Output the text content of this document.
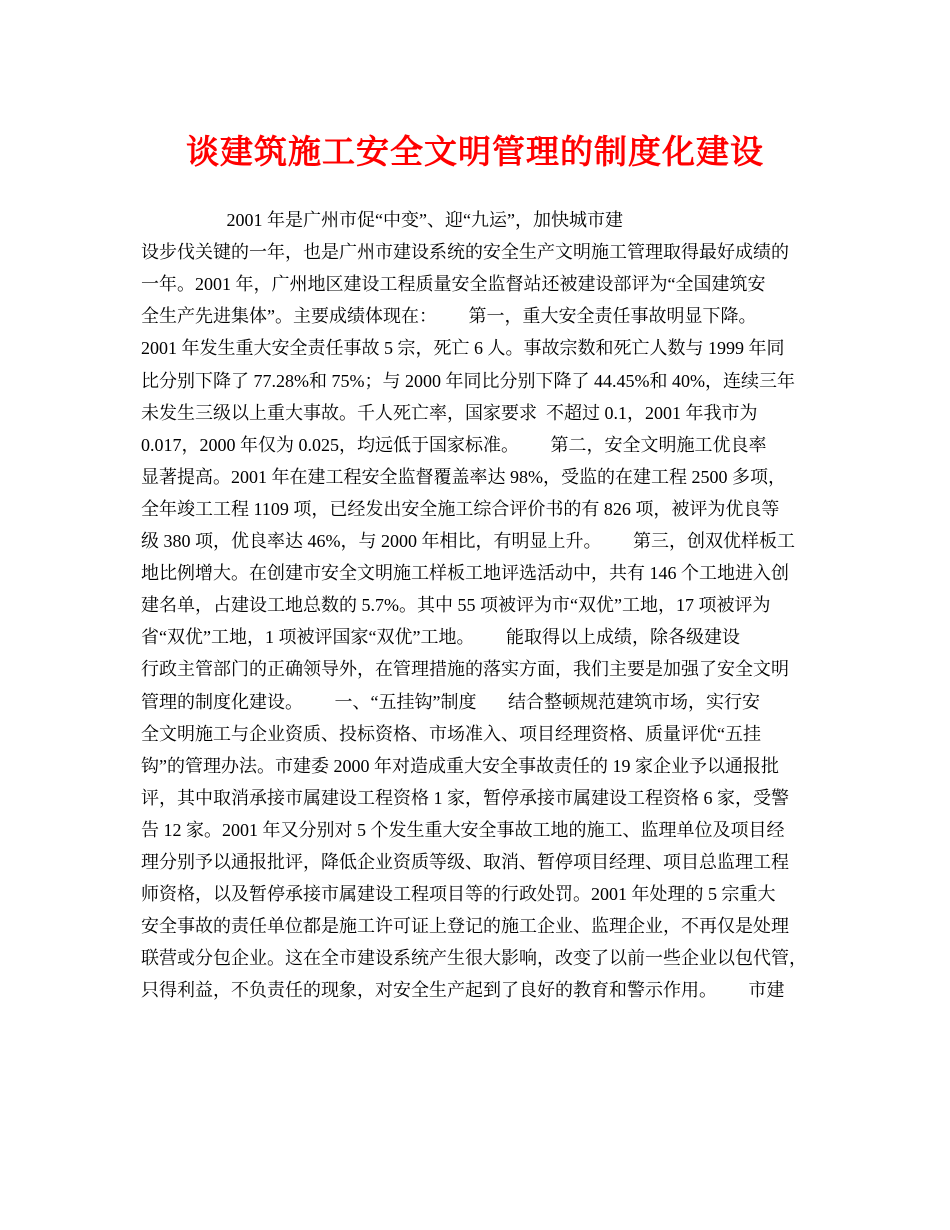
谈建筑施工安全文明管理的制度化建设
2001 年是广州市促“中变”、迎“九运”，加快城市建
设步伐关键的一年，也是广州市建设系统的安全生产文明施工管理取得最好成绩的
一年。2001 年，广州地区建设工程质量安全监督站还被建设部评为“全国建筑安
全生产先进集体”。主要成绩体现在：       第一，重大安全责任事故明显下降。
2001 年发生重大安全责任事故 5 宗，死亡 6 人。事故宗数和死亡人数与 1999 年同
比分别下降了 77.28%和 75%；与 2000 年同比分别下降了 44.45%和 40%，连续三年
未发生三级以上重大事故。千人死亡率，国家要求  不超过 0.1，2001 年我市为
0.017，2000 年仅为 0.025，均远低于国家标准。       第二，安全文明施工优良率
显著提高。2001 年在建工程安全监督覆盖率达 98%，受监的在建工程 2500 多项，
全年竣工工程 1109 项，已经发出安全施工综合评价书的有 826 项，被评为优良等
级 380 项，优良率达 46%，与 2000 年相比，有明显上升。       第三，创双优样板工
地比例增大。在创建市安全文明施工样板工地评选活动中，共有 146 个工地进入创
建名单，占建设工地总数的 5.7%。其中 55 项被评为市“双优”工地，17 项被评为
省“双优”工地，1 项被评国家“双优”工地。       能取得以上成绩，除各级建设
行政主管部门的正确领导外，在管理措施的落实方面，我们主要是加强了安全文明
管理的制度化建设。       一、“五挂钩”制度       结合整顿规范建筑市场，实行安
全文明施工与企业资质、投标资格、市场准入、项目经理资格、质量评优“五挂
钩”的管理办法。市建委 2000 年对造成重大安全事故责任的 19 家企业予以通报批
评，其中取消承接市属建设工程资格 1 家，暂停承接市属建设工程资格 6 家，受警
告 12 家。2001 年又分别对 5 个发生重大安全事故工地的施工、监理单位及项目经
理分别予以通报批评，降低企业资质等级、取消、暂停项目经理、项目总监理工程
师资格，以及暂停承接市属建设工程项目等的行政处罚。2001 年处理的 5 宗重大
安全事故的责任单位都是施工许可证上登记的施工企业、监理企业，不再仅是处理
联营或分包企业。这在全市建设系统产生很大影响，改变了以前一些企业以包代管，
只得利益，不负责任的现象，对安全生产起到了良好的教育和警示作用。       市建
